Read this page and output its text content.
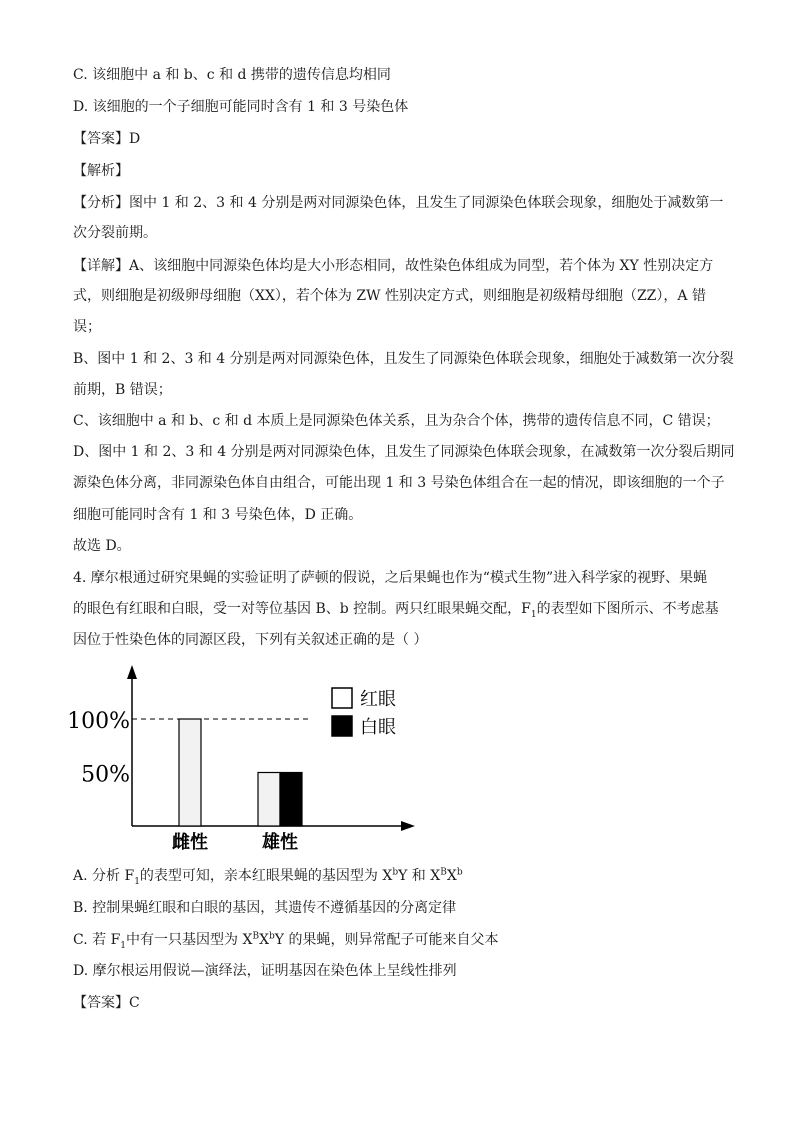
C. 该细胞中 a 和 b、c 和 d 携带的遗传信息均相同
D. 该细胞的一个子细胞可能同时含有 1 和 3 号染色体
【答案】D
【解析】
【分析】图中 1 和 2、3 和 4 分别是两对同源染色体，且发生了同源染色体联会现象，细胞处于减数第一
次分裂前期。
【详解】A、该细胞中同源染色体均是大小形态相同，故性染色体组成为同型，若个体为 XY 性别决定方
式，则细胞是初级卵母细胞（XX），若个体为 ZW 性别决定方式，则细胞是初级精母细胞（ZZ），A 错
误；
B、图中 1 和 2、3 和 4 分别是两对同源染色体，且发生了同源染色体联会现象，细胞处于减数第一次分裂
前期，B 错误；
C、该细胞中 a 和 b、c 和 d 本质上是同源染色体关系，且为杂合个体，携带的遗传信息不同，C 错误；
D、图中 1 和 2、3 和 4 分别是两对同源染色体，且发生了同源染色体联会现象，在减数第一次分裂后期同
源染色体分离，非同源染色体自由组合，可能出现 1 和 3 号染色体组合在一起的情况，即该细胞的一个子
细胞可能同时含有 1 和 3 号染色体，D 正确。
故选 D。
4. 摩尔根通过研究果蝇的实验证明了萨顿的假说，之后果蝇也作为“模式生物”进入科学家的视野、果蝇
的眼色有红眼和白眼，受一对等位基因 B、b 控制。两只红眼果蝇交配，$F_1$的表型如下图所示、不考虑基
因位于性染色体的同源区段，下列有关叙述正确的是（ ）
100%
50%
雌性	雄性
红眼
白眼
A. 分析 $F_1$的表型可知，亲本红眼果蝇的基因型为 $X^bY$ 和 $X^BX^b$
B. 控制果蝇红眼和白眼的基因，其遗传不遵循基因的分离定律
C. 若 $F_1$中有一只基因型为 $X^BX^bY$ 的果蝇，则异常配子可能来自父本
D. 摩尔根运用假说—演绎法，证明基因在染色体上呈线性排列
【答案】C
